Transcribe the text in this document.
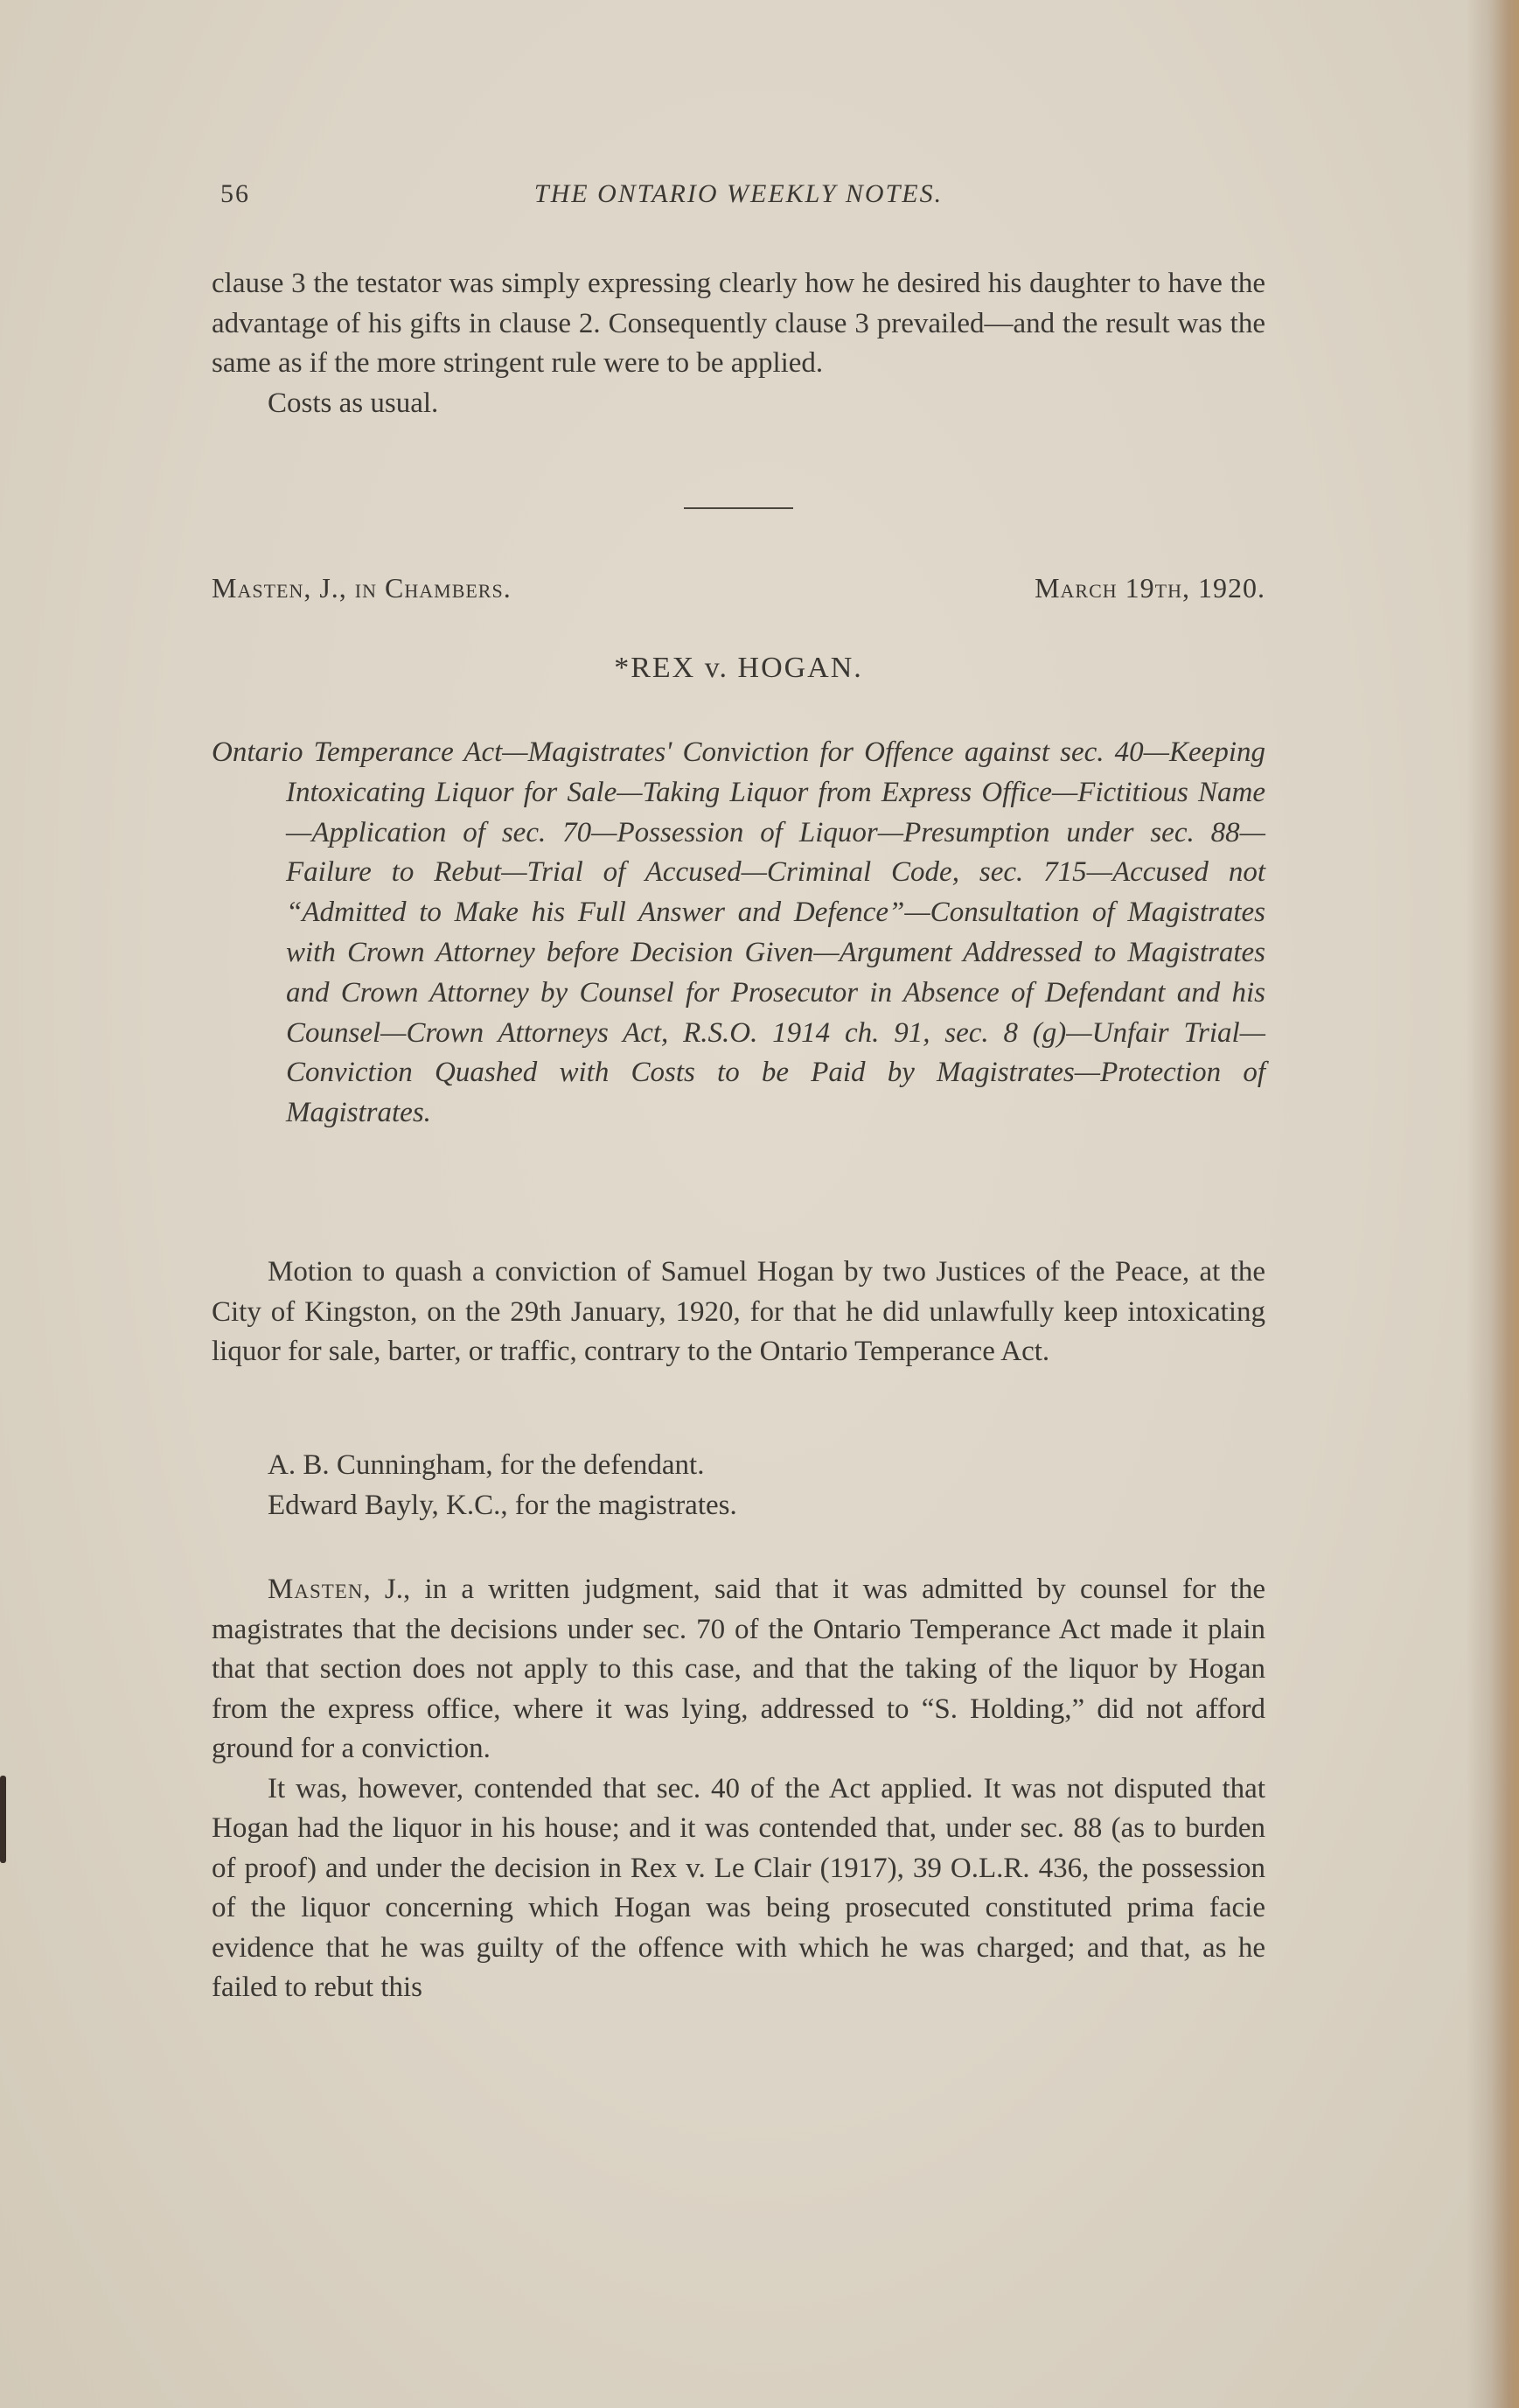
56	THE ONTARIO WEEKLY NOTES.

clause 3 the testator was simply expressing clearly how he desired his daughter to have the advantage of his gifts in clause 2. Consequently clause 3 prevailed—and the result was the same as if the more stringent rule were to be applied.

Costs as usual.

Masten, J., in Chambers.	March 19th, 1920.
*REX v. HOGAN.
Ontario Temperance Act—Magistrates' Conviction for Offence against sec. 40—Keeping Intoxicating Liquor for Sale—Taking Liquor from Express Office—Fictitious Name—Application of sec. 70—Possession of Liquor—Presumption under sec. 88—Failure to Rebut—Trial of Accused—Criminal Code, sec. 715—Accused not “Admitted to Make his Full Answer and Defence”—Consultation of Magistrates with Crown Attorney before Decision Given—Argument Addressed to Magistrates and Crown Attorney by Counsel for Prosecutor in Absence of Defendant and his Counsel—Crown Attorneys Act, R.S.O. 1914 ch. 91, sec. 8 (g)—Unfair Trial—Conviction Quashed with Costs to be Paid by Magistrates—Protection of Magistrates.

Motion to quash a conviction of Samuel Hogan by two Justices of the Peace, at the City of Kingston, on the 29th January, 1920, for that he did unlawfully keep intoxicating liquor for sale, barter, or traffic, contrary to the Ontario Temperance Act.

A. B. Cunningham, for the defendant.
Edward Bayly, K.C., for the magistrates.

Masten, J., in a written judgment, said that it was admitted by counsel for the magistrates that the decisions under sec. 70 of the Ontario Temperance Act made it plain that that section does not apply to this case, and that the taking of the liquor by Hogan from the express office, where it was lying, addressed to “S. Holding,” did not afford ground for a conviction.

It was, however, contended that sec. 40 of the Act applied. It was not disputed that Hogan had the liquor in his house; and it was contended that, under sec. 88 (as to burden of proof) and under the decision in Rex v. Le Clair (1917), 39 O.L.R. 436, the possession of the liquor concerning which Hogan was being prosecuted constituted prima facie evidence that he was guilty of the offence with which he was charged; and that, as he failed to rebut this
